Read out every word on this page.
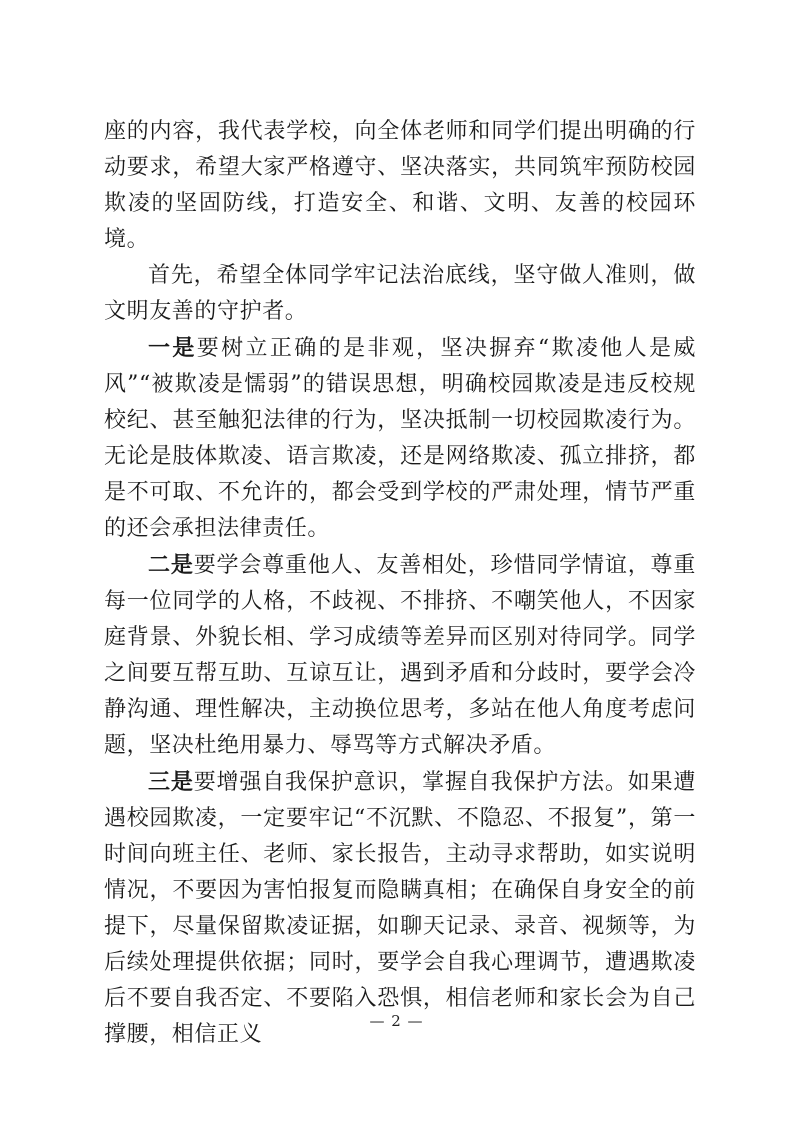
座的内容，我代表学校，向全体老师和同学们提出明确的行动要求，希望大家严格遵守、坚决落实，共同筑牢预防校园欺凌的坚固防线，打造安全、和谐、文明、友善的校园环境。

首先，希望全体同学牢记法治底线，坚守做人准则，做文明友善的守护者。

一是要树立正确的是非观，坚决摒弃“欺凌他人是威风”“被欺凌是懦弱”的错误思想，明确校园欺凌是违反校规校纪、甚至触犯法律的行为，坚决抵制一切校园欺凌行为。无论是肢体欺凌、语言欺凌，还是网络欺凌、孤立排挤，都是不可取、不允许的，都会受到学校的严肃处理，情节严重的还会承担法律责任。

二是要学会尊重他人、友善相处，珍惜同学情谊，尊重每一位同学的人格，不歧视、不排挤、不嘲笑他人，不因家庭背景、外貌长相、学习成绩等差异而区别对待同学。同学之间要互帮互助、互谅互让，遇到矛盾和分歧时，要学会冷静沟通、理性解决，主动换位思考，多站在他人角度考虑问题，坚决杜绝用暴力、辱骂等方式解决矛盾。

三是要增强自我保护意识，掌握自我保护方法。如果遭遇校园欺凌，一定要牢记“不沉默、不隐忍、不报复”，第一时间向班主任、老师、家长报告，主动寻求帮助，如实说明情况，不要因为害怕报复而隐瞒真相；在确保自身安全的前提下，尽量保留欺凌证据，如聊天记录、录音、视频等，为后续处理提供依据；同时，要学会自我心理调节，遭遇欺凌后不要自我否定、不要陷入恐惧，相信老师和家长会为自己撑腰，相信正义

— 2 —
